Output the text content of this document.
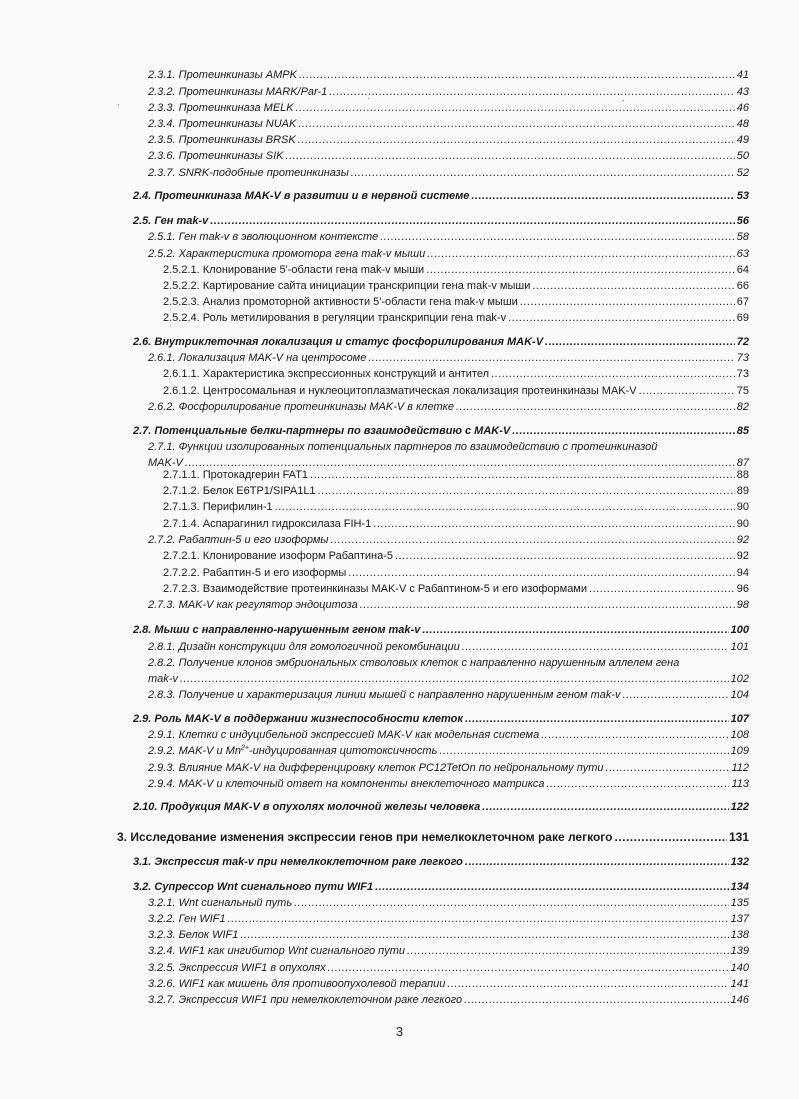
2.3.1. Протеинкиназы AMPK .....	41
2.3.2. Протеинкиназы MARK/Par-1 .....	43
2.3.3. Протеинкиназа MELK .....	46
2.3.4. Протеинкиназы NUAK .....	48
2.3.5. Протеинкиназы BRSK .....	49
2.3.6. Протеинкиназы SIK .....	50
2.3.7. SNRK-подобные протеинкиназы .....	52
2.4. Протеинкиназа MAK-V в развитии и в нервной системе .....	53
2.5. Ген mak-v .....	56
2.5.1. Ген mak-v в эволюционном контексте .....	58
2.5.2. Характеристика промотора гена mak-v мыши .....	63
2.5.2.1. Клонирование 5'-области гена mak-v мыши .....	64
2.5.2.2. Картирование сайта инициации транскрипции гена mak-v мыши .....	66
2.5.2.3. Анализ промоторной активности 5'-области гена mak-v мыши .....	67
2.5.2.4. Роль метилирования в регуляции транскрипции гена mak-v .....	69
2.6. Внутриклеточная локализация и статус фосфорилирования MAK-V .....	72
2.6.1. Локализация MAK-V на центросоме .....	73
2.6.1.1. Характеристика экспрессионных конструкций и антител .....	73
2.6.1.2. Центросомальная и нуклеоцитоплазматическая локализация протеинкиназы MAK-V .....	75
2.6.2. Фосфорилирование протеинкиназы MAK-V в клетке .....	82
2.7. Потенциальные белки-партнеры по взаимодействию с MAK-V .....	85
2.7.1. Функции изолированных потенциальных партнеров по взаимодействию с протеинкиназой
MAK-V .....	87
2.7.1.1. Протокадгерин FAT1 .....	88
2.7.1.2. Белок E6TP1/SIPA1L1 .....	89
2.7.1.3. Перифилин-1 .....	90
2.7.1.4. Аспарагинил гидроксилаза FIH-1 .....	90
2.7.2. Рабаптин-5 и его изоформы .....	92
2.7.2.1. Клонирование изоформ Рабаптина-5 .....	92
2.7.2.2. Рабаптин-5 и его изоформы .....	94
2.7.2.3. Взаимодействие протеинкиназы MAK-V с Рабаптином-5 и его изоформами .....	96
2.7.3. MAK-V как регулятор эндоцитоза .....	98
2.8. Мыши с направленно-нарушенным геном mak-v .....	100
2.8.1. Дизайн конструкции для гомологичной рекомбинации .....	101
2.8.2. Получение клонов эмбриональных стволовых клеток с направленно нарушенным аллелем гена
mak-v .....	102
2.8.3. Получение и характеризация линии мышей с направленно нарушенным геном mak-v .....	104
2.9. Роль MAK-V в поддержании жизнеспособности клеток .....	107
2.9.1. Клетки с индуцибельной экспрессией MAK-V как модельная система .....	108
2.9.2. MAK-V и $Mn^{2+}$-индуцированная цитотоксичность .....	109
2.9.3. Влияние MAK-V на дифференцировку клеток PC12TetOn по нейрональному пути .....	112
2.9.4. MAK-V и клеточный ответ на компоненты внеклеточного матрикса .....	113
2.10. Продукция MAK-V в опухолях молочной железы человека .....	122
3. Исследование изменения экспрессии генов при немелкоклеточном раке легкого .....	131
3.1. Экспрессия mak-v при немелкоклеточном раке легкого .....	132
3.2. Супрессор Wnt сигнального пути WIF1 .....	134
3.2.1. Wnt сигнальный путь .....	135
3.2.2. Ген WIF1 .....	137
3.2.3. Белок WIF1 .....	138
3.2.4. WIF1 как ингибитор Wnt сигнального пути .....	139
3.2.5. Экспрессия WIF1 в опухолях .....	140
3.2.6. WIF1 как мишень для противоопухолевой терапии .....	141
3.2.7. Экспрессия WIF1 при немелкоклеточном раке легкого .....	146
3
